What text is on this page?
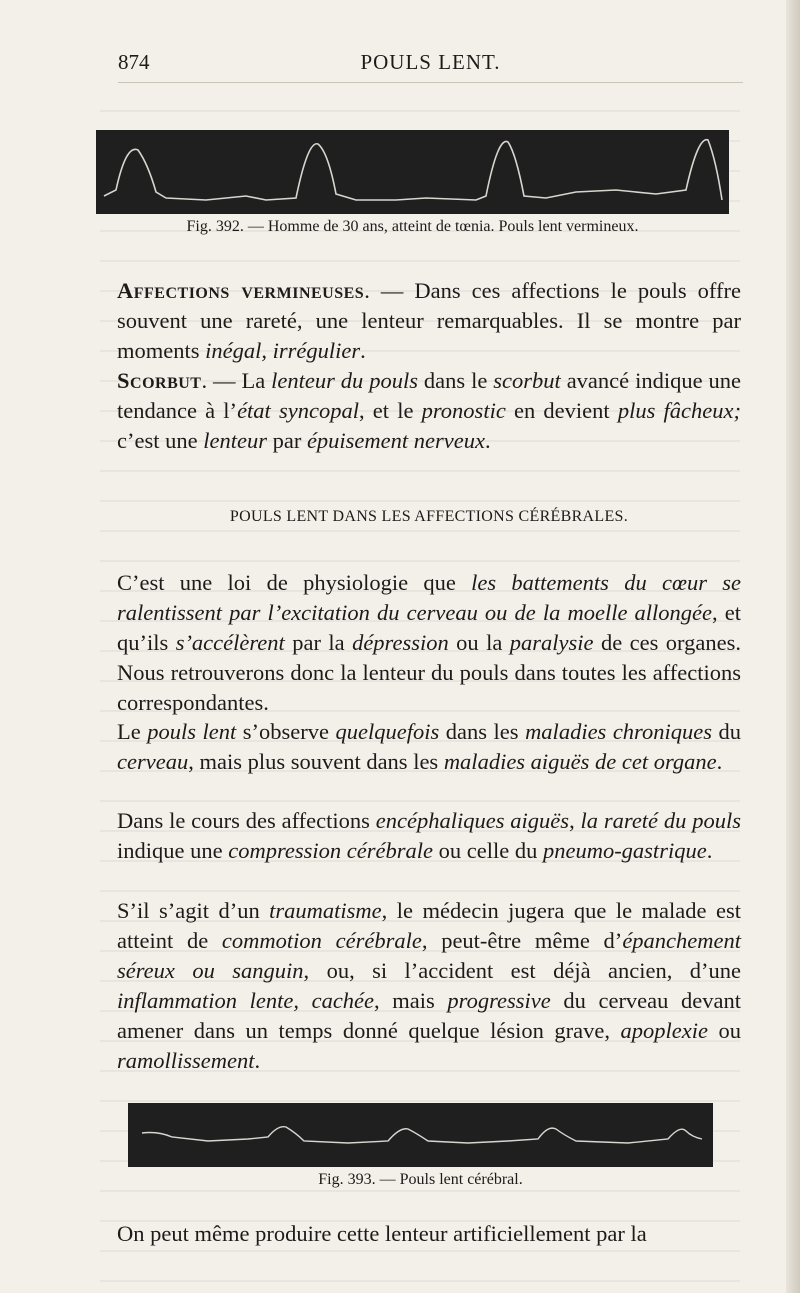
874	POULS LENT.
Fig. 392. — Homme de 30 ans, atteint de tœnia. Pouls lent vermineux.

Affections vermineuses. — Dans ces affections le pouls offre souvent une rareté, une lenteur remarquables. Il se montre par moments inégal, irrégulier.

Scorbut. — La lenteur du pouls dans le scorbut avancé indique une tendance à l’état syncopal, et le pronostic en devient plus fâcheux; c’est une lenteur par épuisement nerveux.

POULS LENT DANS LES AFFECTIONS CÉRÉBRALES.

C’est une loi de physiologie que les battements du cœur se ralentissent par l’excitation du cerveau ou de la moelle allongée, et qu’ils s’accélèrent par la dépression ou la paralysie de ces organes. Nous retrouverons donc la lenteur du pouls dans toutes les affections correspondantes.

Le pouls lent s’observe quelquefois dans les maladies chroniques du cerveau, mais plus souvent dans les maladies aiguës de cet organe.

Dans le cours des affections encéphaliques aiguës, la rareté du pouls indique une compression cérébrale ou celle du pneumo-gastrique.

S’il s’agit d’un traumatisme, le médecin jugera que le malade est atteint de commotion cérébrale, peut-être même d’épanchement séreux ou sanguin, ou, si l’accident est déjà ancien, d’une inflammation lente, cachée, mais progressive du cerveau devant amener dans un temps donné quelque lésion grave, apoplexie ou ramollissement.

Fig. 393. — Pouls lent cérébral.

On peut même produire cette lenteur artificiellement par la
